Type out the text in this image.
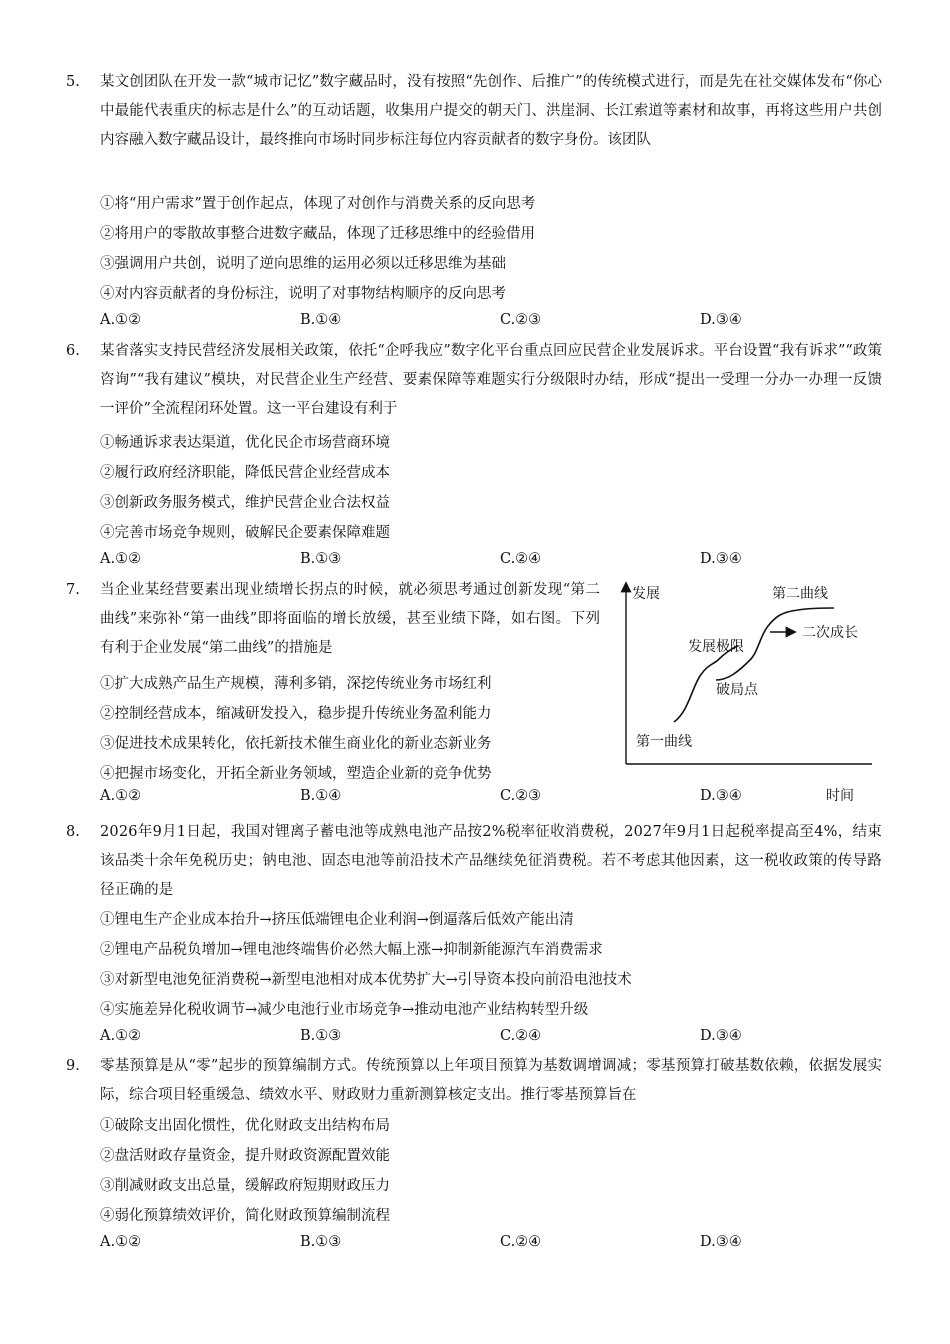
5. 某文创团队在开发一款“城市记忆”数字藏品时，没有按照“先创作、后推广”的传统模式进行，而是先在社交媒体发布“你心中最能代表重庆的标志是什么”的互动话题，收集用户提交的朝天门、洪崖洞、长江索道等素材和故事，再将这些用户共创内容融入数字藏品设计，最终推向市场时同步标注每位内容贡献者的数字身份。该团队
①将“用户需求”置于创作起点，体现了对创作与消费关系的反向思考
②将用户的零散故事整合进数字藏品，体现了迁移思维中的经验借用
③强调用户共创，说明了逆向思维的运用必须以迁移思维为基础
④对内容贡献者的身份标注，说明了对事物结构顺序的反向思考
A.①②	B.①④	C.②③	D.③④
6. 某省落实支持民营经济发展相关政策，依托“企呼我应”数字化平台重点回应民营企业发展诉求。平台设置“我有诉求”“政策咨询”“我有建议”模块，对民营企业生产经营、要素保障等难题实行分级限时办结，形成“提出一受理一分办一办理一反馈一评价”全流程闭环处置。这一平台建设有利于
①畅通诉求表达渠道，优化民企市场营商环境
②履行政府经济职能，降低民营企业经营成本
③创新政务服务模式，维护民营企业合法权益
④完善市场竞争规则，破解民企要素保障难题
A.①②	B.①③	C.②④	D.③④
7. 当企业某经营要素出现业绩增长拐点的时候，就必须思考通过创新发现“第二曲线”来弥补“第一曲线”即将面临的增长放缓，甚至业绩下降，如右图。下列有利于企业发展“第二曲线”的措施是
①扩大成熟产品生产规模，薄利多销，深挖传统业务市场红利
②控制经营成本，缩减研发投入，稳步提升传统业务盈利能力
③促进技术成果转化，依托新技术催生商业化的新业态新业务
④把握市场变化，开拓全新业务领域，塑造企业新的竞争优势
A.①②	B.①④	C.②③	D.③④
发展
时间
第二曲线
二次成长
发展极限
破局点
第一曲线
8. 2026年9月1日起，我国对锂离子蓄电池等成熟电池产品按2%税率征收消费税，2027年9月1日起税率提高至4%，结束该品类十余年免税历史；钠电池、固态电池等前沿技术产品继续免征消费税。若不考虑其他因素，这一税收政策的传导路径正确的是
①锂电生产企业成本抬升→挤压低端锂电企业利润→倒逼落后低效产能出清
②锂电产品税负增加→锂电池终端售价必然大幅上涨→抑制新能源汽车消费需求
③对新型电池免征消费税→新型电池相对成本优势扩大→引导资本投向前沿电池技术
④实施差异化税收调节→减少电池行业市场竞争→推动电池产业结构转型升级
A.①②	B.①③	C.②④	D.③④
9. 零基预算是从“零”起步的预算编制方式。传统预算以上年项目预算为基数调增调减；零基预算打破基数依赖，依据发展实际，综合项目轻重缓急、绩效水平、财政财力重新测算核定支出。推行零基预算旨在
①破除支出固化惯性，优化财政支出结构布局
②盘活财政存量资金，提升财政资源配置效能
③削减财政支出总量，缓解政府短期财政压力
④弱化预算绩效评价，简化财政预算编制流程
A.①②	B.①③	C.②④	D.③④
